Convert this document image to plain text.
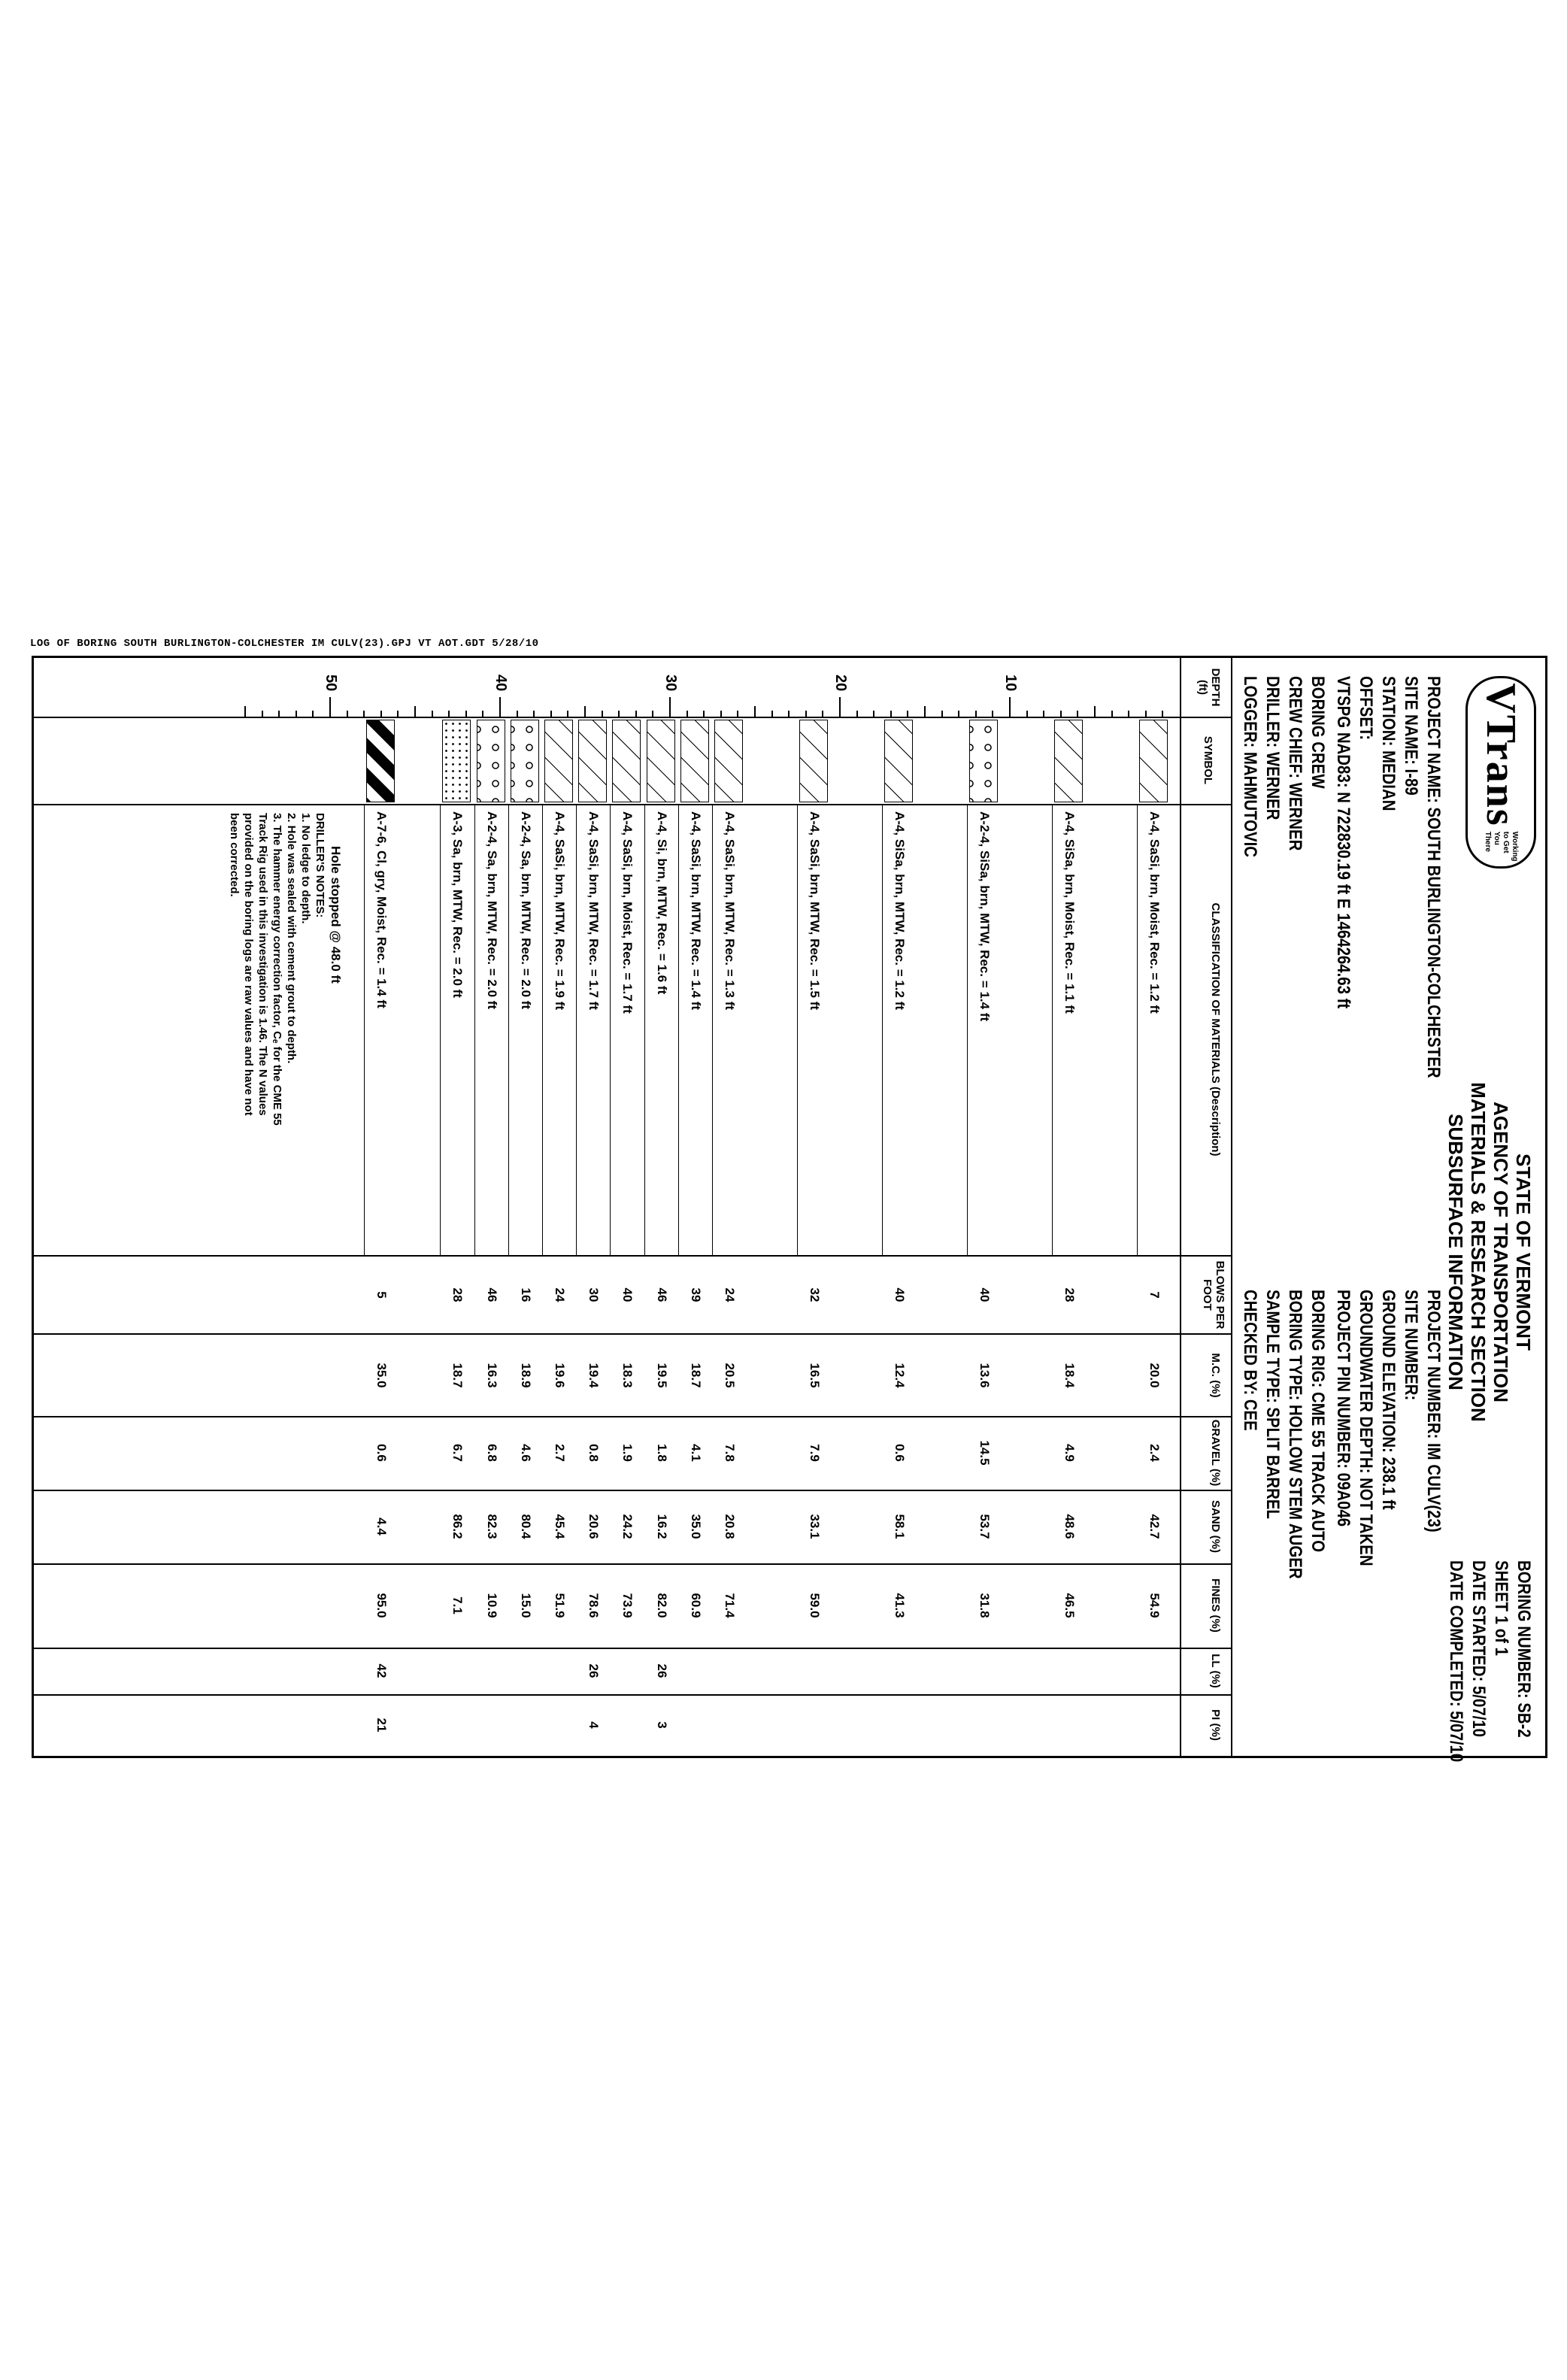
LOG OF BORING SOUTH BURLINGTON-COLCHESTER IM CULV(23).GPJ VT AOT.GDT 5/28/10
VTrans
Working to Get You There
STATE OF VERMONT
AGENCY OF TRANSPORTATION
MATERIALS & RESEARCH SECTION
SUBSURFACE INFORMATION
BORING NUMBER: SB-2
SHEET 1 of 1
DATE STARTED: 5/07/10
DATE COMPLETED: 5/07/10
PROJECT NAME: SOUTH BURLINGTON-COLCHESTER
SITE NAME: I-89
STATION: MEDIAN
OFFSET:
VTSPG NAD83: N 722830.19 ft E 1464264.63 ft
PROJECT NUMBER: IM CULV(23)
SITE NUMBER:
GROUND ELEVATION: 238.1 ft
GROUNDWATER DEPTH: NOT TAKEN
PROJECT PIN NUMBER: 09A046
BORING CREW
CREW CHIEF: WERNER
DRILLER: WERNER
LOGGER: MAHMUTOVIC
BORING RIG: CME 55 TRACK AUTO
BORING TYPE: HOLLOW STEM AUGER
SAMPLE TYPE: SPLIT BARREL
CHECKED BY: CEE
DEPTH (ft)
SYMBOL
CLASSIFICATION OF MATERIALS (Description)
BLOWS PER FOOT
M.C. (%)
GRAVEL (%)
SAND (%)
FINES (%)
LL (%)
PI (%)
10
20
30
40
50
A-4, SaSi, brn, Moist, Rec. = 1.2 ft
7
20.0
2.4
42.7
54.9
A-4, SiSa, brn, Moist, Rec. = 1.1 ft
28
18.4
4.9
48.6
46.5
A-2-4, SiSa, brn, MTW, Rec. = 1.4 ft
40
13.6
14.5
53.7
31.8
A-4, SiSa, brn, MTW, Rec. = 1.2 ft
40
12.4
0.6
58.1
41.3
A-4, SaSi, brn, MTW, Rec. = 1.5 ft
32
16.5
7.9
33.1
59.0
A-4, SaSi, brn, MTW, Rec. = 1.3 ft
24
20.5
7.8
20.8
71.4
A-4, SaSi, brn, MTW, Rec. = 1.4 ft
39
18.7
4.1
35.0
60.9
A-4, Si, brn, MTW, Rec. = 1.6 ft
46
19.5
1.8
16.2
82.0
26
3
A-4, SaSi, brn, Moist, Rec. = 1.7 ft
40
18.3
1.9
24.2
73.9
A-4, SaSi, brn, MTW, Rec. = 1.7 ft
30
19.4
0.8
20.6
78.6
26
4
A-4, SaSi, brn, MTW, Rec. = 1.9 ft
24
19.6
2.7
45.4
51.9
A-2-4, Sa, brn, MTW, Rec. = 2.0 ft
16
18.9
4.6
80.4
15.0
A-2-4, Sa, brn, MTW, Rec. = 2.0 ft
46
16.3
6.8
82.3
10.9
A-3, Sa, brn, MTW, Rec. = 2.0 ft
28
18.7
6.7
86.2
7.1
A-7-6, Cl, gry, Moist, Rec. = 1.4 ft
5
35.0
0.6
4.4
95.0
42
21
Hole stopped @ 48.0 ft
DRILLER'S NOTES:
1. No ledge to depth.
2. Hole was sealed with cement grout to depth.
3. The hammer energy correction factor, Cₑ for the CME 55
Track Rig used in this investigation is 1.46. The N values
provided on the boring logs are raw values and have not
been corrected.
